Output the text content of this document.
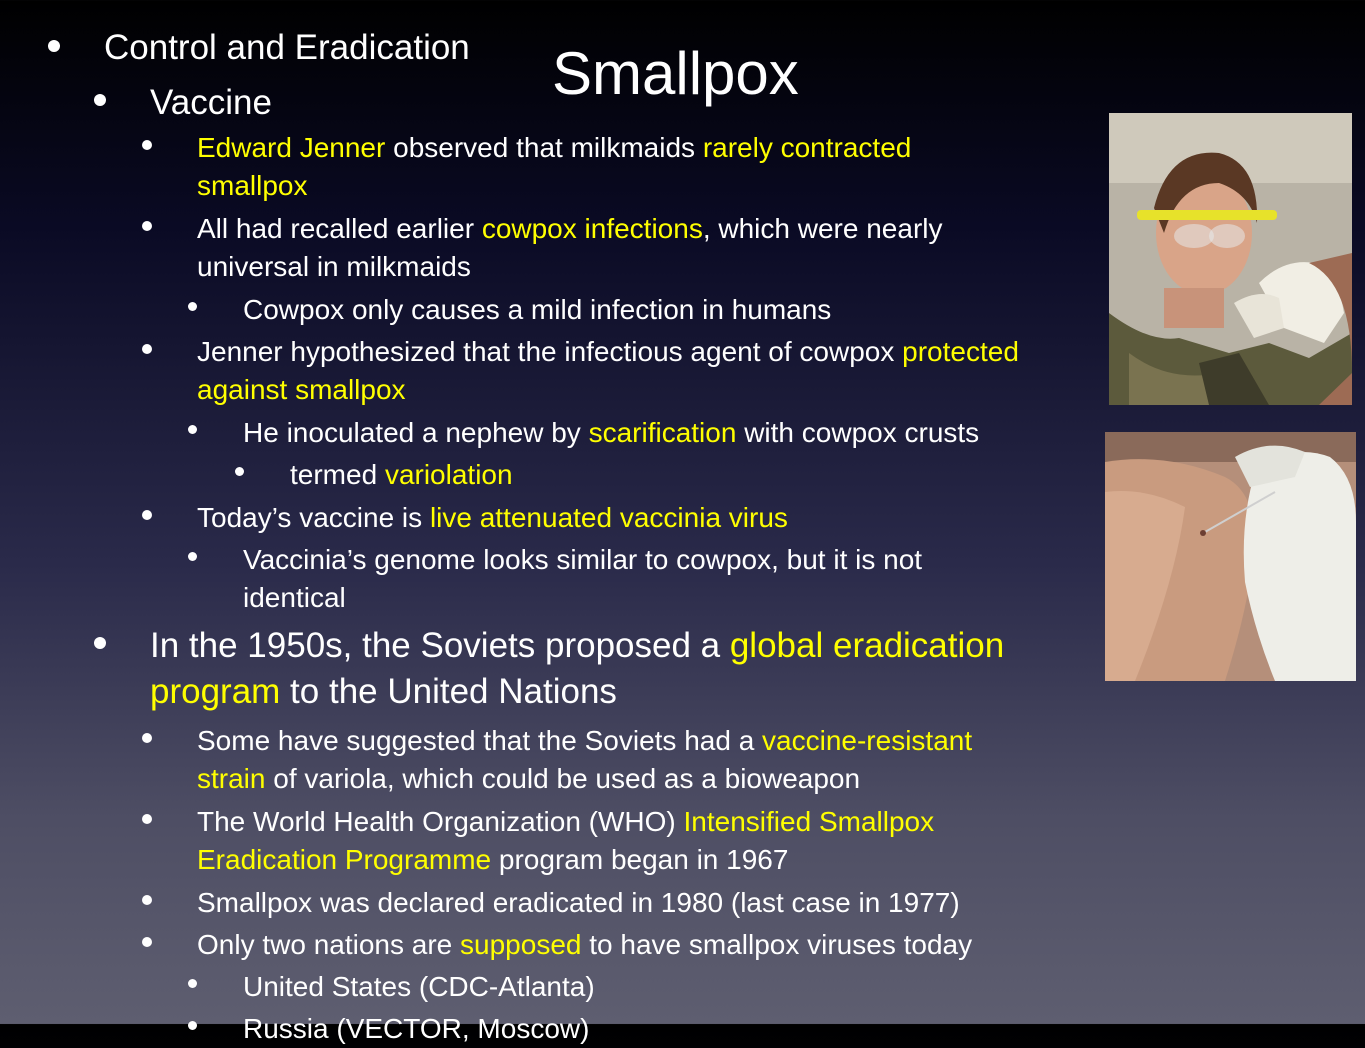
Smallpox
Control and Eradication
Vaccine
Edward Jenner observed that milkmaids rarely contracted
smallpox
All had recalled earlier cowpox infections, which were nearly
universal in milkmaids
Cowpox only causes a mild infection in humans
Jenner hypothesized that the infectious agent of cowpox protected
against smallpox
He inoculated a nephew by scarification with cowpox crusts
termed variolation
Today’s vaccine is live attenuated vaccinia virus
Vaccinia’s genome looks similar to cowpox, but it is not
identical
In the 1950s, the Soviets proposed a global eradication
program to the United Nations
Some have suggested that the Soviets had a vaccine-resistant
strain of variola, which could be used as a bioweapon
The World Health Organization (WHO) Intensified Smallpox
Eradication Programme program began in 1967
Smallpox was declared eradicated in 1980 (last case in 1977)
Only two nations are supposed to have smallpox viruses today
United States (CDC-Atlanta)
Russia (VECTOR, Moscow)
